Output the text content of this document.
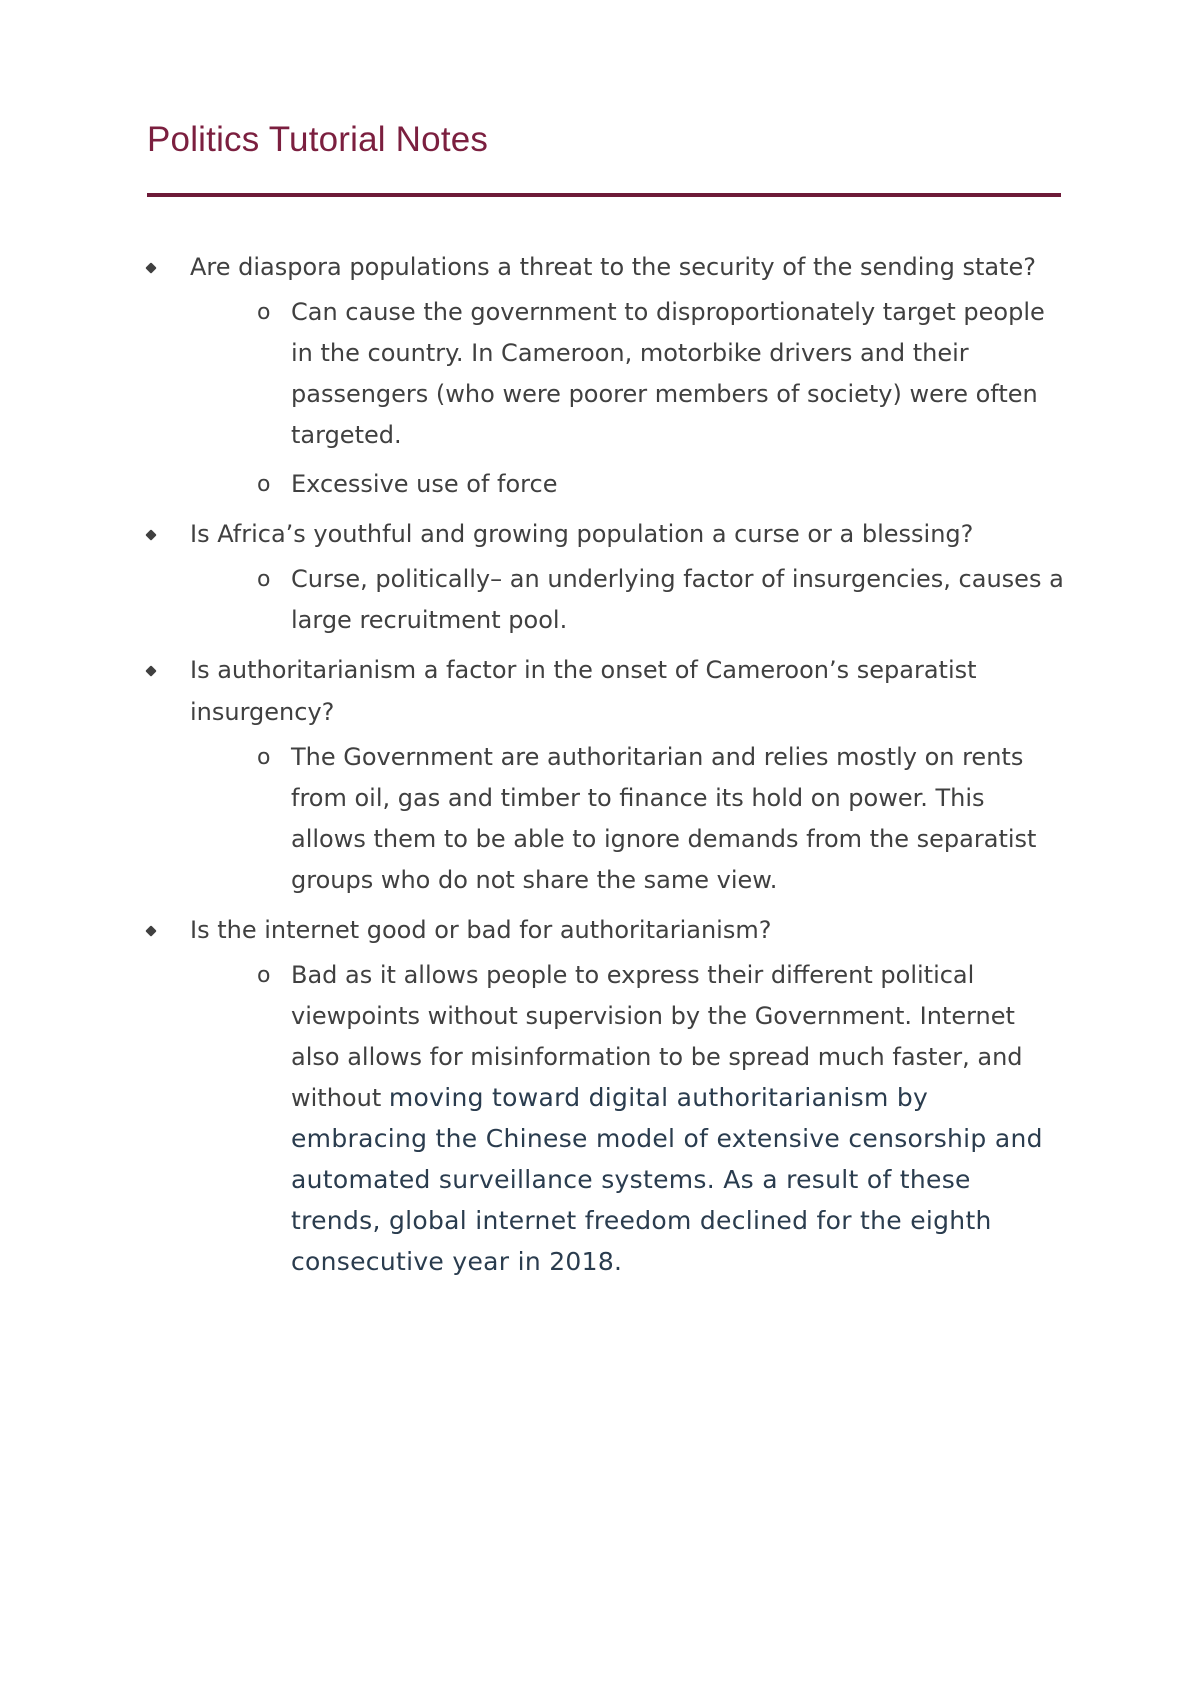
Politics Tutorial Notes
Are diaspora populations a threat to the security of the sending state?
o Can cause the government to disproportionately target people in the country. In Cameroon, motorbike drivers and their passengers (who were poorer members of society) were often targeted.
o Excessive use of force
Is Africa’s youthful and growing population a curse or a blessing?
o Curse, politically– an underlying factor of insurgencies, causes a large recruitment pool.
Is authoritarianism a factor in the onset of Cameroon’s separatist insurgency?
o The Government are authoritarian and relies mostly on rents from oil, gas and timber to finance its hold on power. This allows them to be able to ignore demands from the separatist groups who do not share the same view.
Is the internet good or bad for authoritarianism?
o Bad as it allows people to express their different political viewpoints without supervision by the Government. Internet also allows for misinformation to be spread much faster, and without moving toward digital authoritarianism by embracing the Chinese model of extensive censorship and automated surveillance systems. As a result of these trends, global internet freedom declined for the eighth consecutive year in 2018.
